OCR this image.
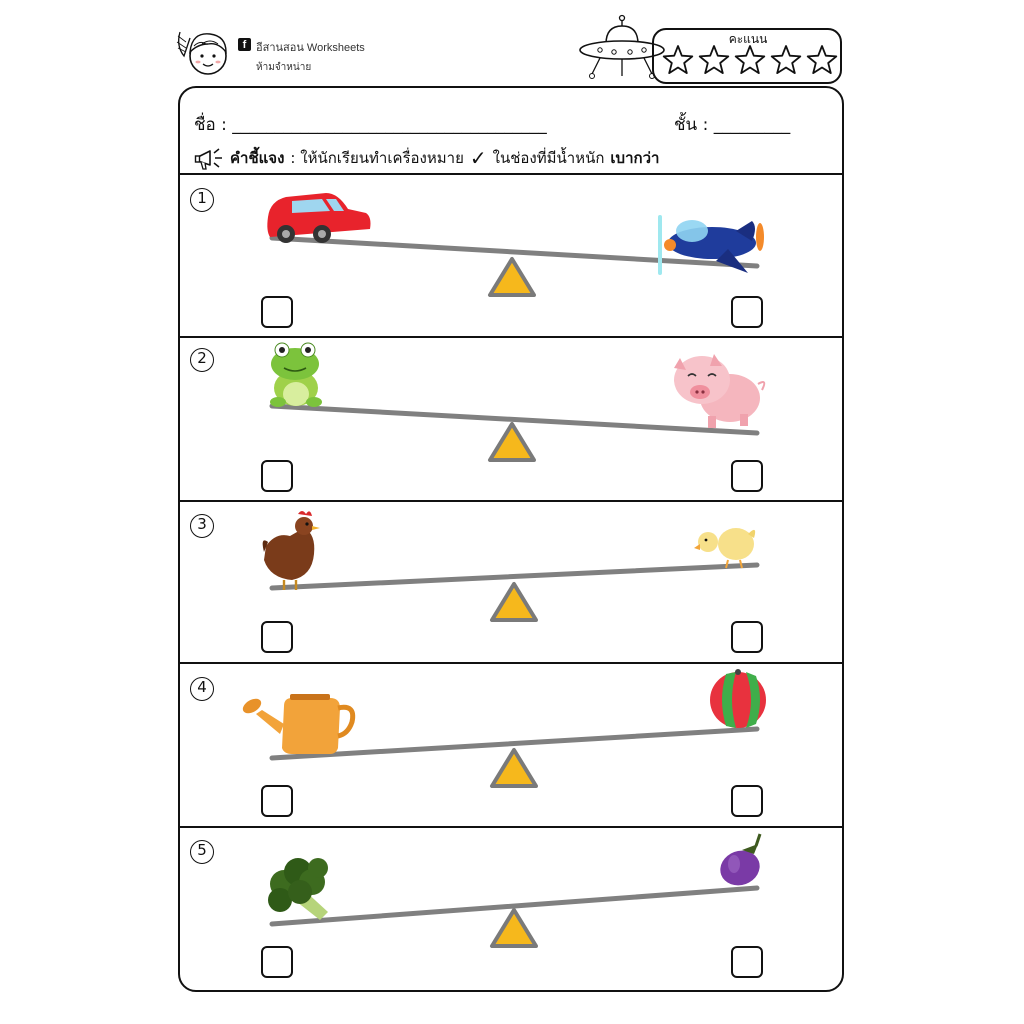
f อีสานสอน Worksheets
ห้ามจำหน่าย
คะแนน
ชื่อ : _____________________________________	ชั้น : _________
คำชี้แจง : ให้นักเรียนทำเครื่องหมาย ✓ ในช่องที่มีน้ำหนัก เบากว่า
1
2
3
4
5
